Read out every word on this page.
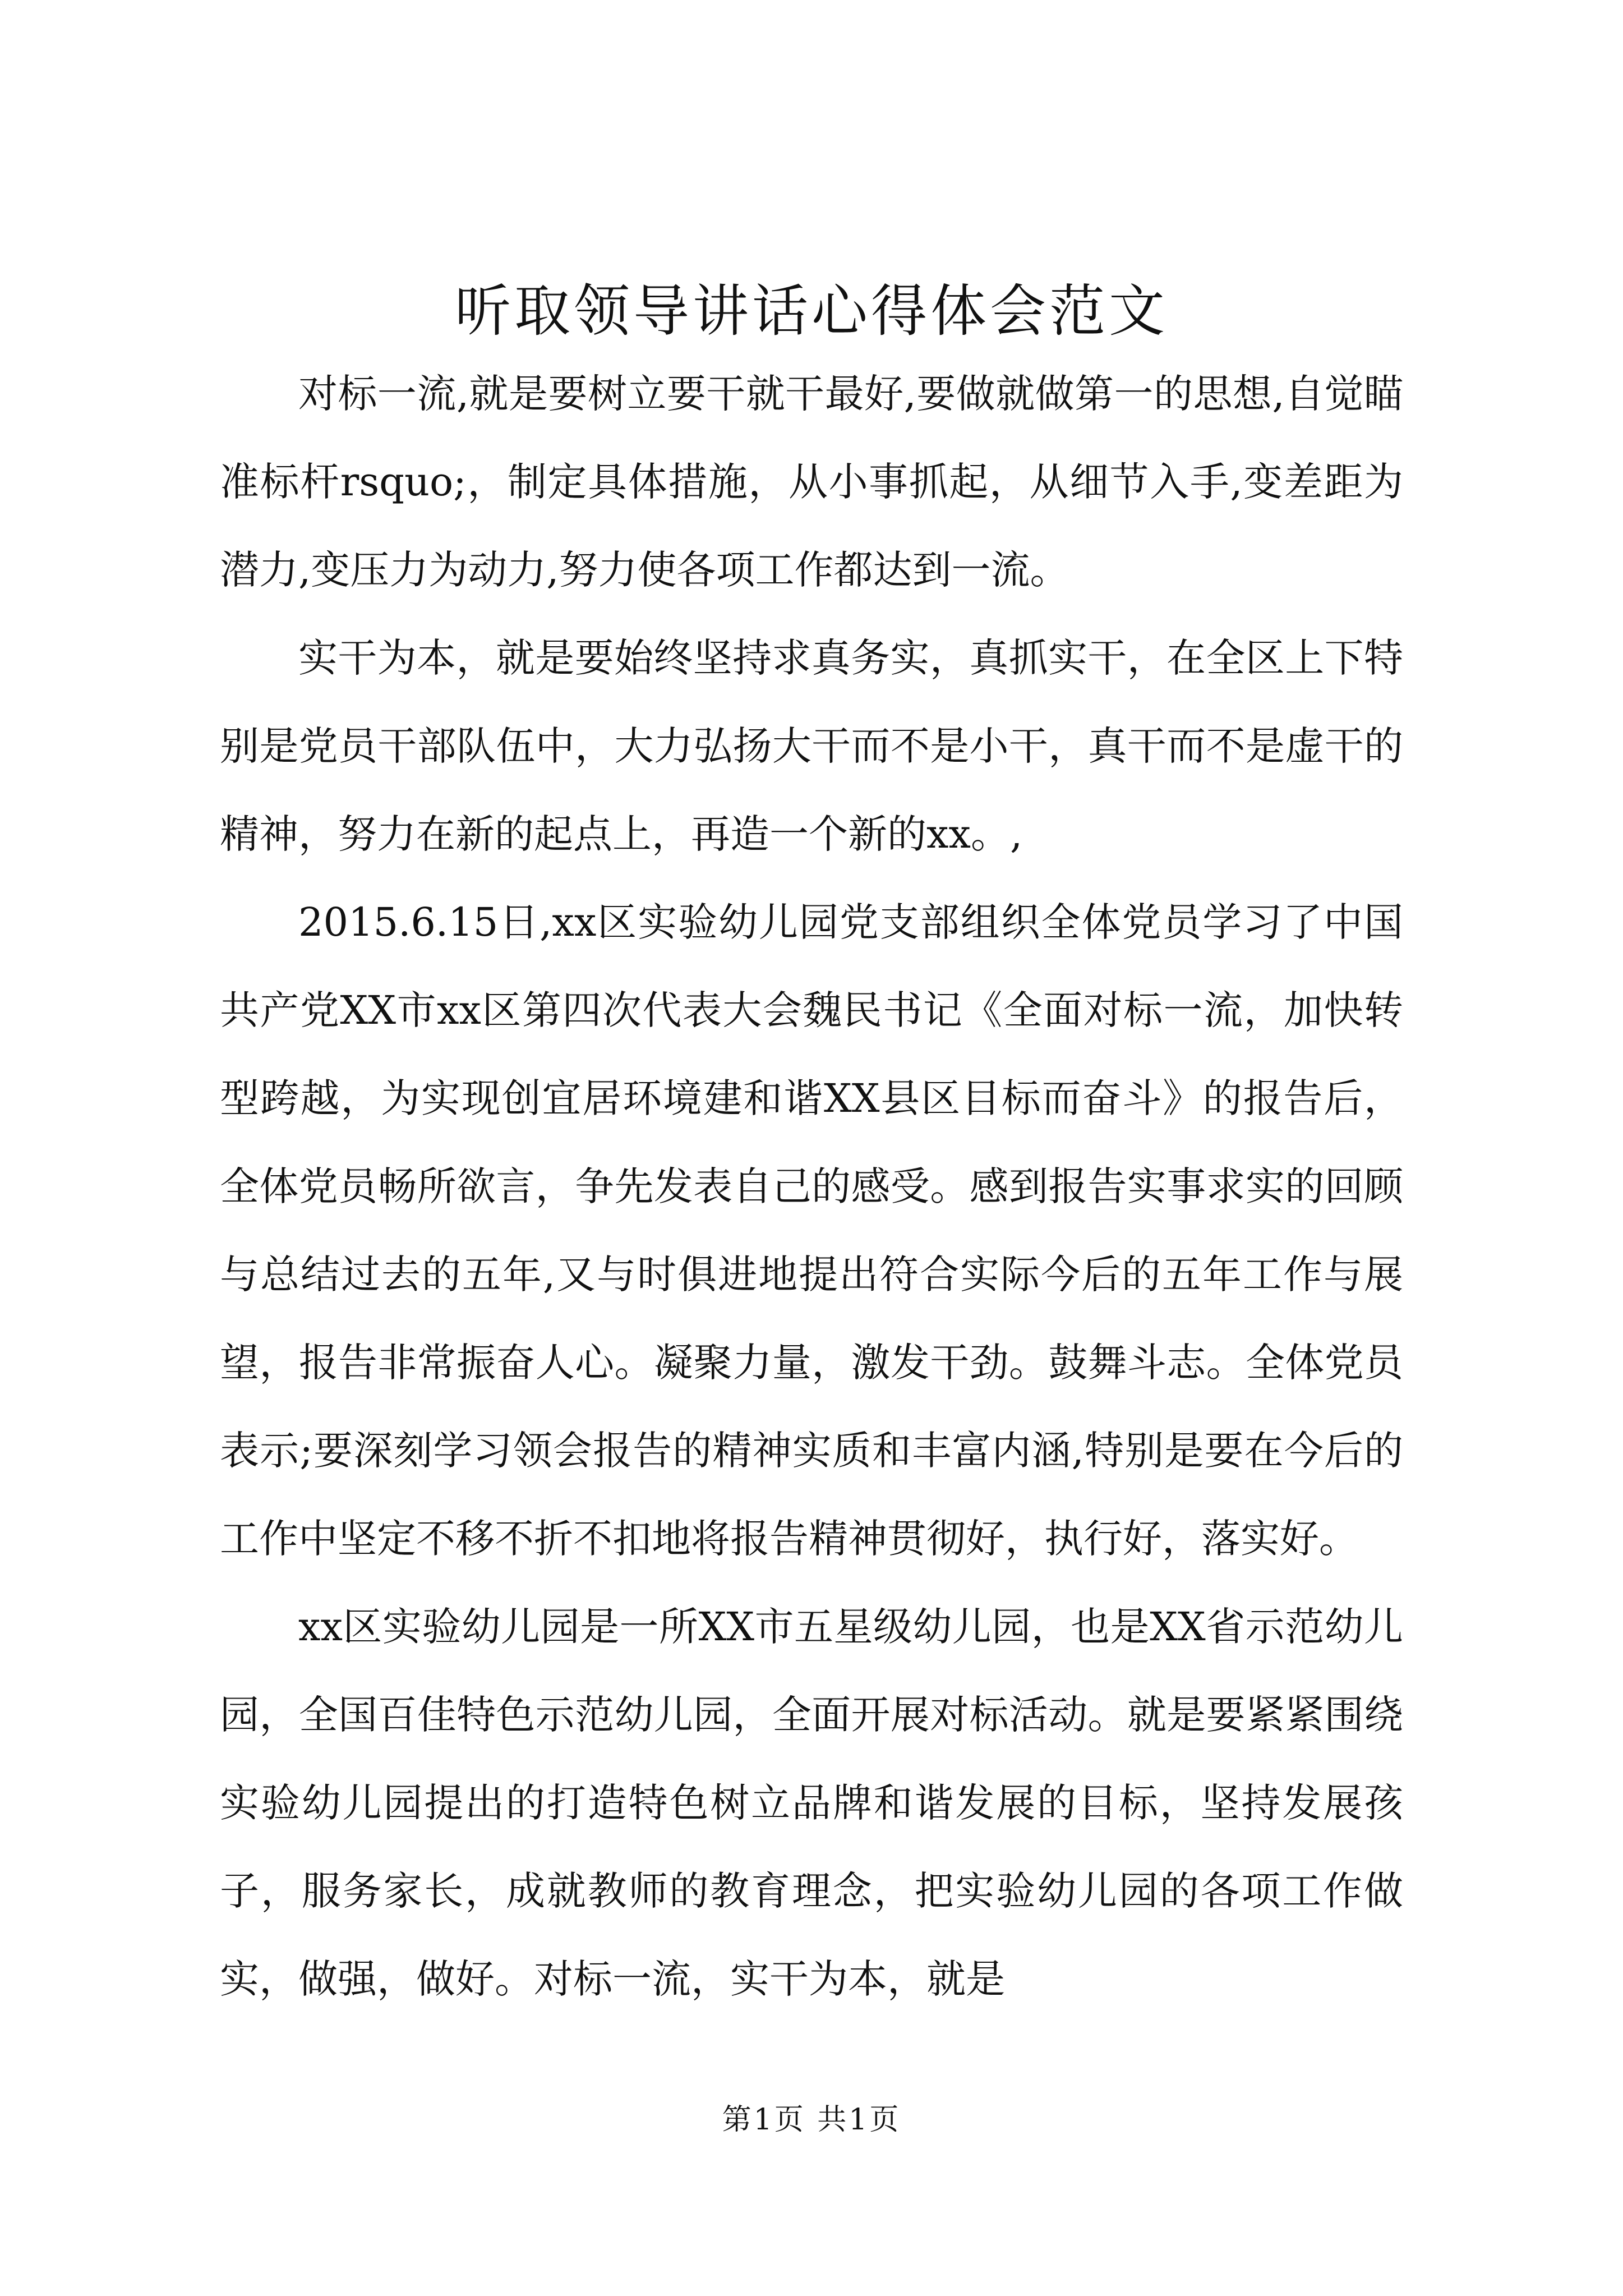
听取领导讲话心得体会范文

对标一流,就是要树立要干就干最好,要做就做第一的思想,自觉瞄准标杆rsquo;，制定具体措施，从小事抓起，从细节入手,变差距为潜力,变压力为动力,努力使各项工作都达到一流。

实干为本，就是要始终坚持求真务实，真抓实干，在全区上下特别是党员干部队伍中，大力弘扬大干而不是小干，真干而不是虚干的精神，努力在新的起点上，再造一个新的xx。,

2015.6.15日,xx区实验幼儿园党支部组织全体党员学习了中国共产党XX市xx区第四次代表大会魏民书记《全面对标一流，加快转型跨越，为实现创宜居环境建和谐XX县区目标而奋斗》的报告后，全体党员畅所欲言，争先发表自己的感受。感到报告实事求实的回顾与总结过去的五年,又与时俱进地提出符合实际今后的五年工作与展望，报告非常振奋人心。凝聚力量，激发干劲。鼓舞斗志。全体党员表示;要深刻学习领会报告的精神实质和丰富内涵,特别是要在今后的工作中坚定不移不折不扣地将报告精神贯彻好，执行好，落实好。

xx区实验幼儿园是一所XX市五星级幼儿园，也是XX省示范幼儿园，全国百佳特色示范幼儿园，全面开展对标活动。就是要紧紧围绕实验幼儿园提出的打造特色树立品牌和谐发展的目标，坚持发展孩子，服务家长，成就教师的教育理念，把实验幼儿园的各项工作做实，做强，做好。对标一流，实干为本，就是

第1页 共1页
